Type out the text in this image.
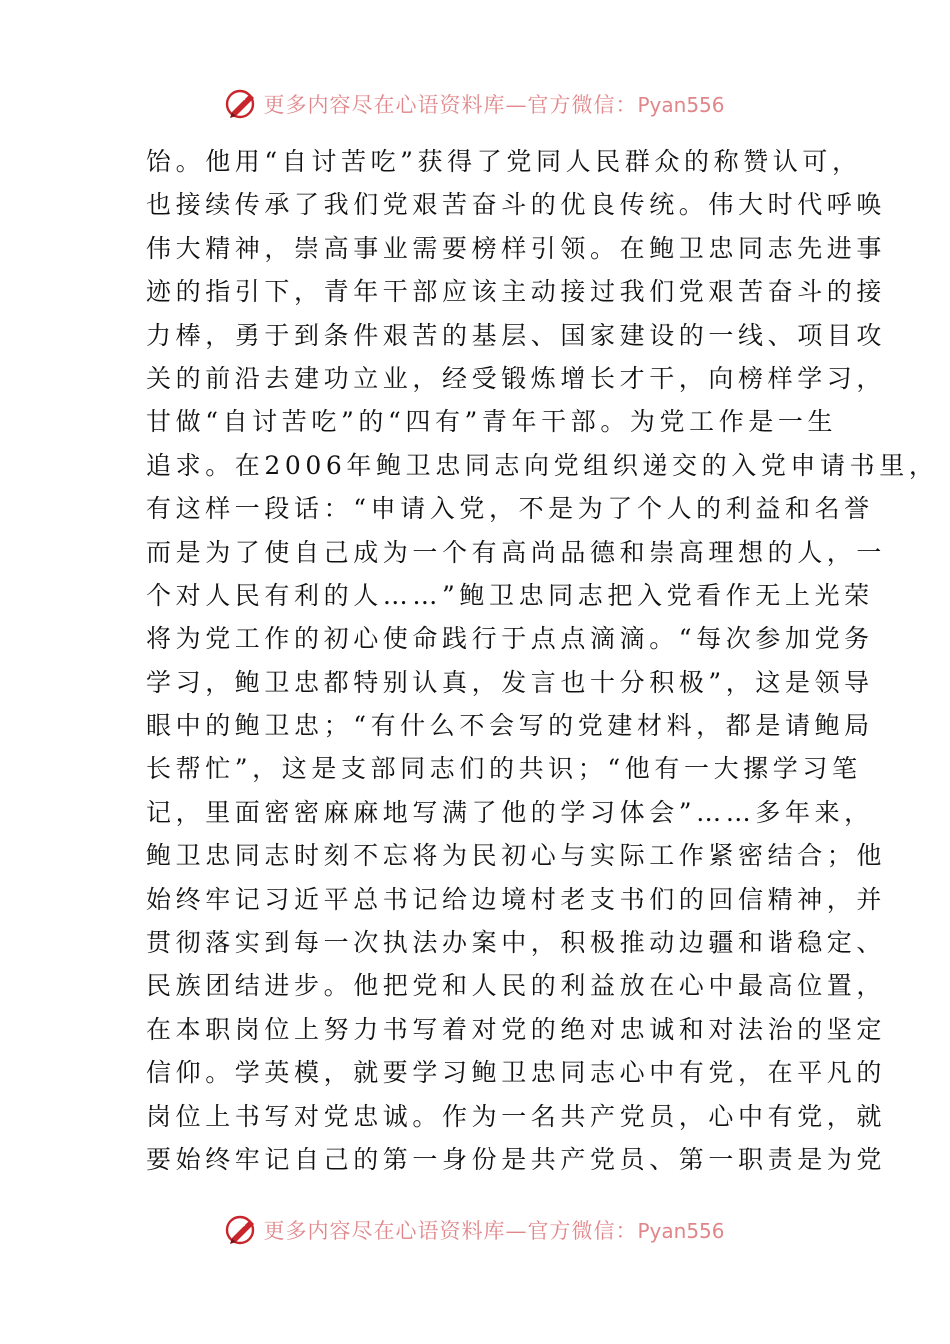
更多内容尽在心语资料库—官方微信：Pyan556
饴。他用“自讨苦吃”获得了党同人民群众的称赞认可，
也接续传承了我们党艰苦奋斗的优良传统。伟大时代呼唤
伟大精神，崇高事业需要榜样引领。在鲍卫忠同志先进事
迹的指引下，青年干部应该主动接过我们党艰苦奋斗的接
力棒，勇于到条件艰苦的基层、国家建设的一线、项目攻
关的前沿去建功立业，经受锻炼增长才干，向榜样学习，
甘做“自讨苦吃”的“四有”青年干部。为党工作是一生
追求。在2006年鲍卫忠同志向党组织递交的入党申请书里，
有这样一段话：“申请入党，不是为了个人的利益和名誉
而是为了使自己成为一个有高尚品德和崇高理想的人，一
个对人民有利的人……”鲍卫忠同志把入党看作无上光荣
将为党工作的初心使命践行于点点滴滴。“每次参加党务
学习，鲍卫忠都特别认真，发言也十分积极”，这是领导
眼中的鲍卫忠；“有什么不会写的党建材料，都是请鲍局
长帮忙”，这是支部同志们的共识；“他有一大摞学习笔
记，里面密密麻麻地写满了他的学习体会”……多年来，
鲍卫忠同志时刻不忘将为民初心与实际工作紧密结合；他
始终牢记习近平总书记给边境村老支书们的回信精神，并
贯彻落实到每一次执法办案中，积极推动边疆和谐稳定、
民族团结进步。他把党和人民的利益放在心中最高位置，
在本职岗位上努力书写着对党的绝对忠诚和对法治的坚定
信仰。学英模，就要学习鲍卫忠同志心中有党，在平凡的
岗位上书写对党忠诚。作为一名共产党员，心中有党，就
要始终牢记自己的第一身份是共产党员、第一职责是为党
更多内容尽在心语资料库—官方微信：Pyan556
